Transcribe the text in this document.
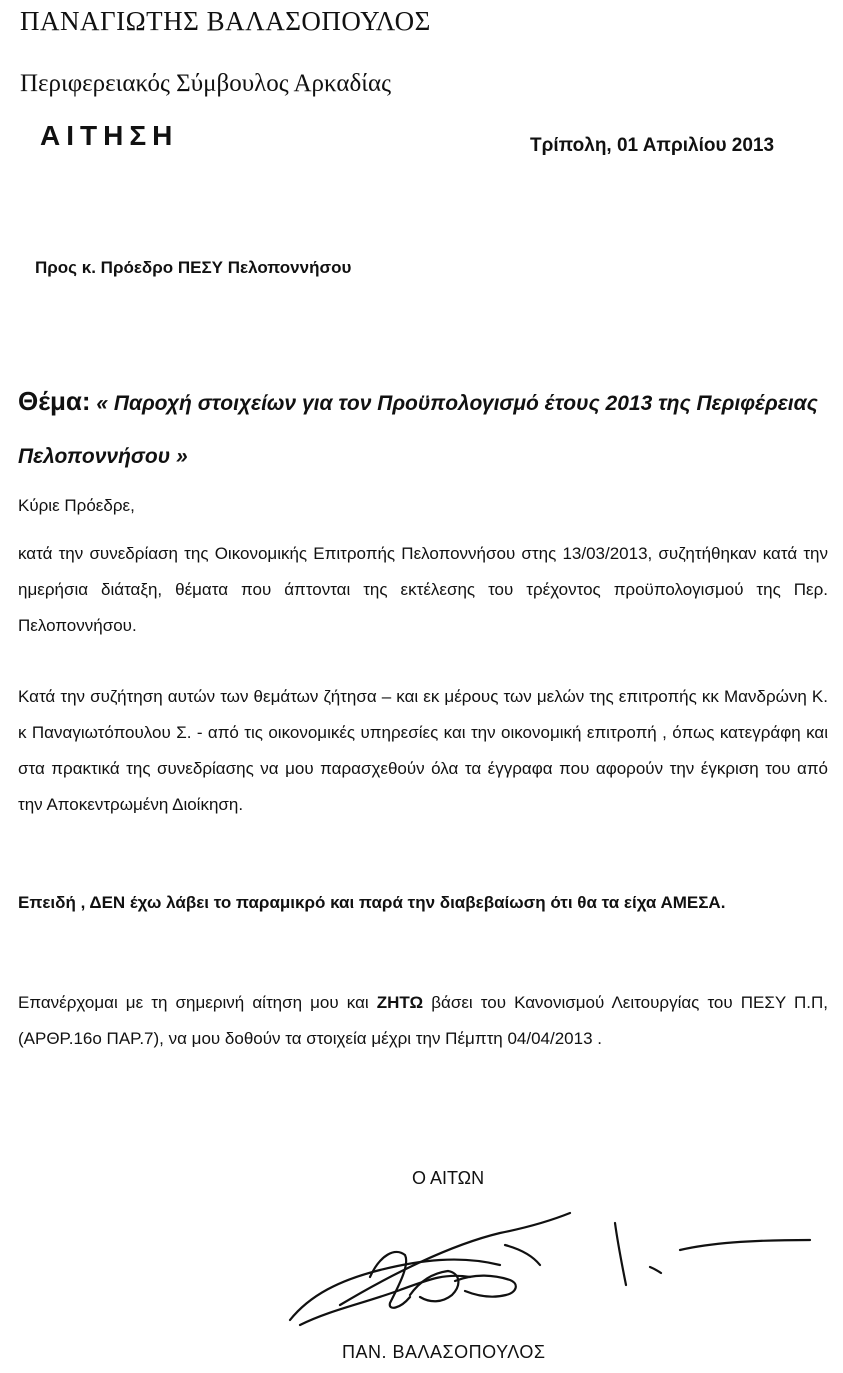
ΠΑΝΑΓΙΩΤΗΣ ΒΑΛΑΣΟΠΟΥΛΟΣ
Περιφερειακός Σύμβουλος Αρκαδίας
ΑΙΤΗΣΗ	Τρίπολη, 01 Απριλίου 2013
Προς κ. Πρόεδρο ΠΕΣΥ Πελοποννήσου
Θέμα: « Παροχή στοιχείων για τον Προϋπολογισμό έτους 2013 της Περιφέρειας Πελοποννήσου »
Κύριε Πρόεδρε,
κατά την συνεδρίαση της Οικονομικής Επιτροπής Πελοποννήσου στης 13/03/2013, συζητήθηκαν κατά την ημερήσια διάταξη, θέματα που άπτονται της εκτέλεσης του τρέχοντος προϋπολογισμού της Περ. Πελοποννήσου.
Κατά την συζήτηση αυτών των θεμάτων ζήτησα – και εκ μέρους των μελών της επιτροπής κκ Μανδρώνη Κ. κ Παναγιωτόπουλου Σ. - από τις οικονομικές υπηρεσίες και την οικονομική επιτροπή , όπως κατεγράφη και στα πρακτικά της συνεδρίασης να μου παρασχεθούν όλα τα έγγραφα που αφορούν την έγκριση του από την Αποκεντρωμένη Διοίκηση.
Επειδή , ΔΕΝ έχω λάβει το παραμικρό και παρά την διαβεβαίωση ότι θα τα είχα ΑΜΕΣΑ.
Επανέρχομαι με τη σημερινή αίτηση μου και ΖΗΤΩ βάσει του Κανονισμού Λειτουργίας του ΠΕΣΥ Π.Π, (ΑΡΘΡ.16ο ΠΑΡ.7), να μου δοθούν τα στοιχεία μέχρι την Πέμπτη 04/04/2013 .
Ο ΑΙΤΩΝ
ΠΑΝ. ΒΑΛΑΣΟΠΟΥΛΟΣ
